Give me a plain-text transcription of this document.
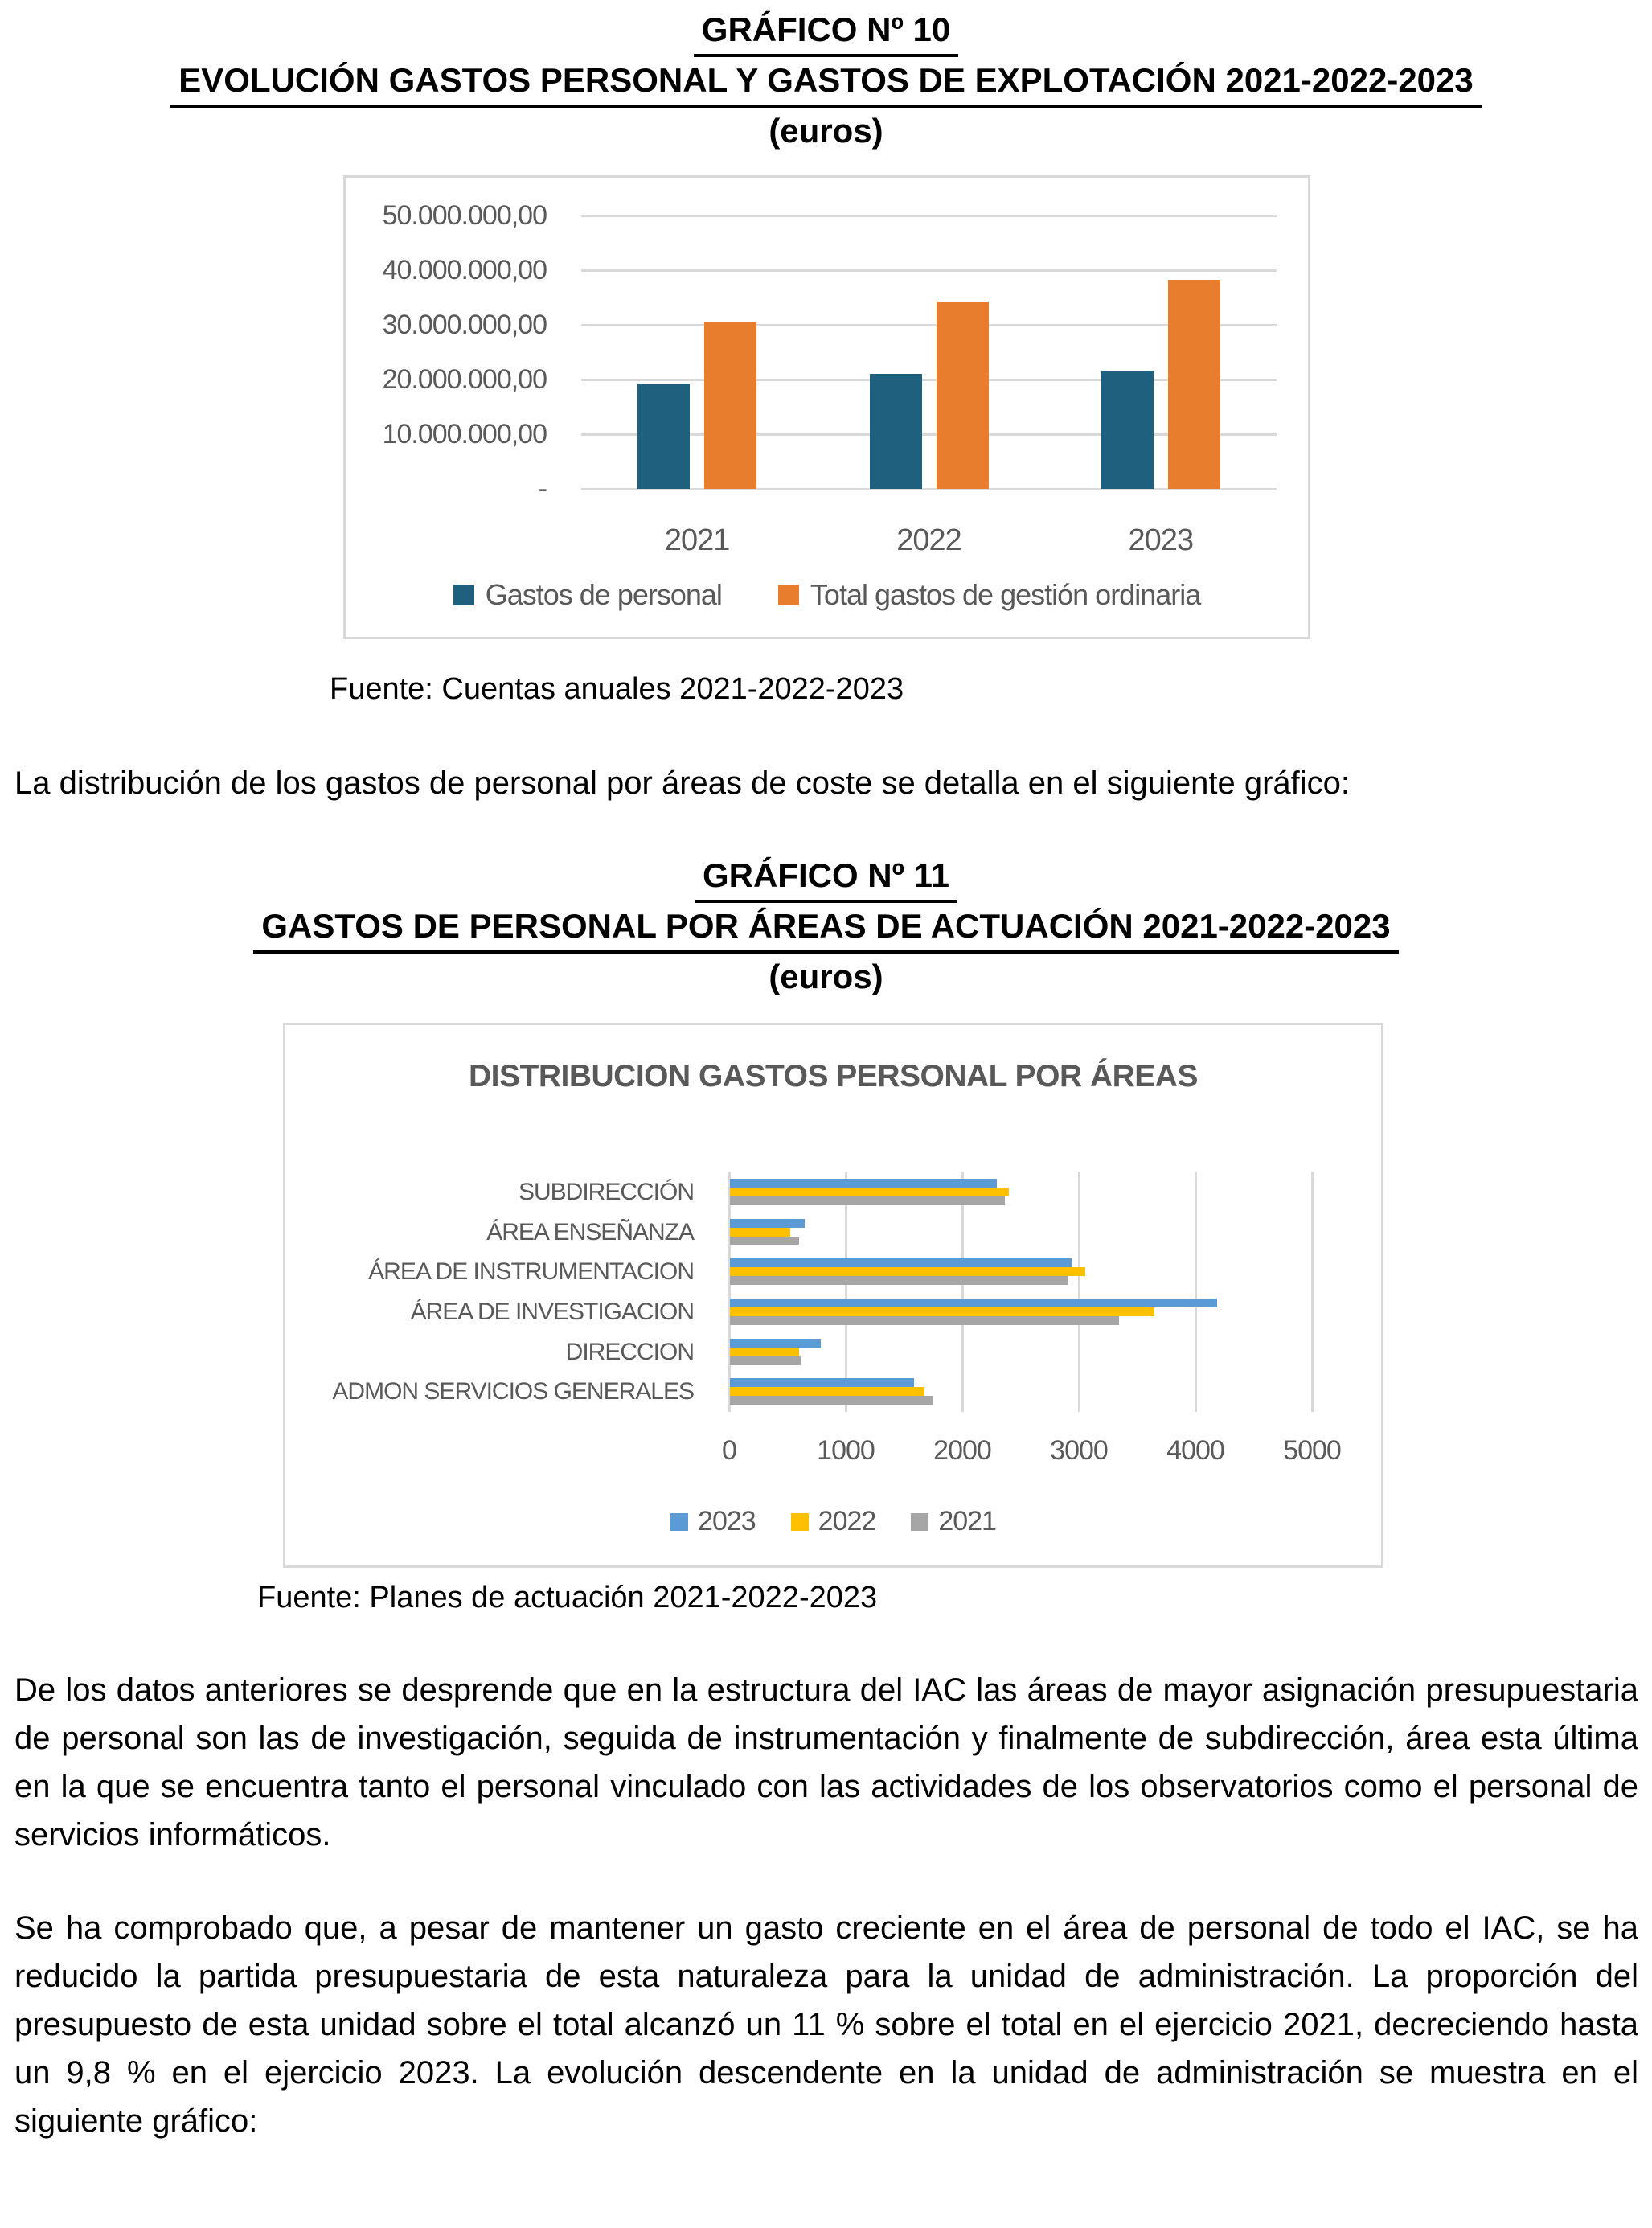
GRÁFICO Nº 10
EVOLUCIÓN GASTOS PERSONAL Y GASTOS DE EXPLOTACIÓN 2021-2022-2023
(euros)
-
10.000.000,00
20.000.000,00
30.000.000,00
40.000.000,00
50.000.000,00
2021	2022	2023
Gastos de personal	Total gastos de gestión ordinaria

Fuente: Cuentas anuales 2021-2022-2023

La distribución de los gastos de personal por áreas de coste se detalla en el siguiente gráfico:

GRÁFICO Nº 11
GASTOS DE PERSONAL POR ÁREAS DE ACTUACIÓN 2021-2022-2023
(euros)
DISTRIBUCION GASTOS PERSONAL POR ÁREAS
0	1000	2000	3000	4000	5000
SUBDIRECCIÓN
ÁREA ENSEÑANZA
ÁREA DE INSTRUMENTACION
ÁREA DE INVESTIGACION
DIRECCION
ADMON SERVICIOS GENERALES
2023 2022 2021

Fuente: Planes de actuación 2021-2022-2023

De los datos anteriores se desprende que en la estructura del IAC las áreas de mayor asignación presupuestaria de personal son las de investigación, seguida de instrumentación y finalmente de subdirección, área esta última en la que se encuentra tanto el personal vinculado con las actividades de los observatorios como el personal de servicios informáticos.

Se ha comprobado que, a pesar de mantener un gasto creciente en el área de personal de todo el IAC, se ha reducido la partida presupuestaria de esta naturaleza para la unidad de administración. La proporción del presupuesto de esta unidad sobre el total alcanzó un 11 % sobre el total en el ejercicio 2021, decreciendo hasta un 9,8 % en el ejercicio 2023. La evolución descendente en la unidad de administración se muestra en el siguiente gráfico:
